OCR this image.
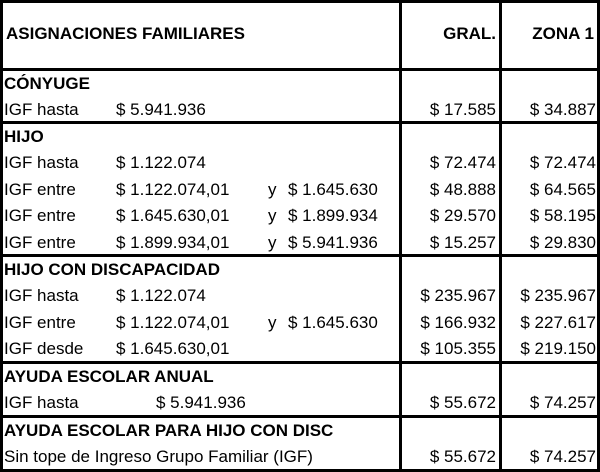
ASIGNACIONES FAMILIARES	GRAL.	ZONA 1
CÓNYUGE
IGF hasta $ 5.941.936	$ 17.585	$ 34.887
HIJO
IGF hasta $ 1.122.074	$ 72.474	$ 72.474
IGF entre $ 1.122.074,01 y $ 1.645.630	$ 48.888	$ 64.565
IGF entre $ 1.645.630,01 y $ 1.899.934	$ 29.570	$ 58.195
IGF entre $ 1.899.934,01 y $ 5.941.936	$ 15.257	$ 29.830
HIJO CON DISCAPACIDAD
IGF hasta $ 1.122.074	$ 235.967	$ 235.967
IGF entre $ 1.122.074,01 y $ 1.645.630	$ 166.932	$ 227.617
IGF desde $ 1.645.630,01	$ 105.355	$ 219.150
AYUDA ESCOLAR ANUAL
IGF hasta	$ 5.941.936	$ 55.672	$ 74.257
AYUDA ESCOLAR PARA HIJO CON DISC
Sin tope de Ingreso Grupo Familiar (IGF)	$ 55.672	$ 74.257
